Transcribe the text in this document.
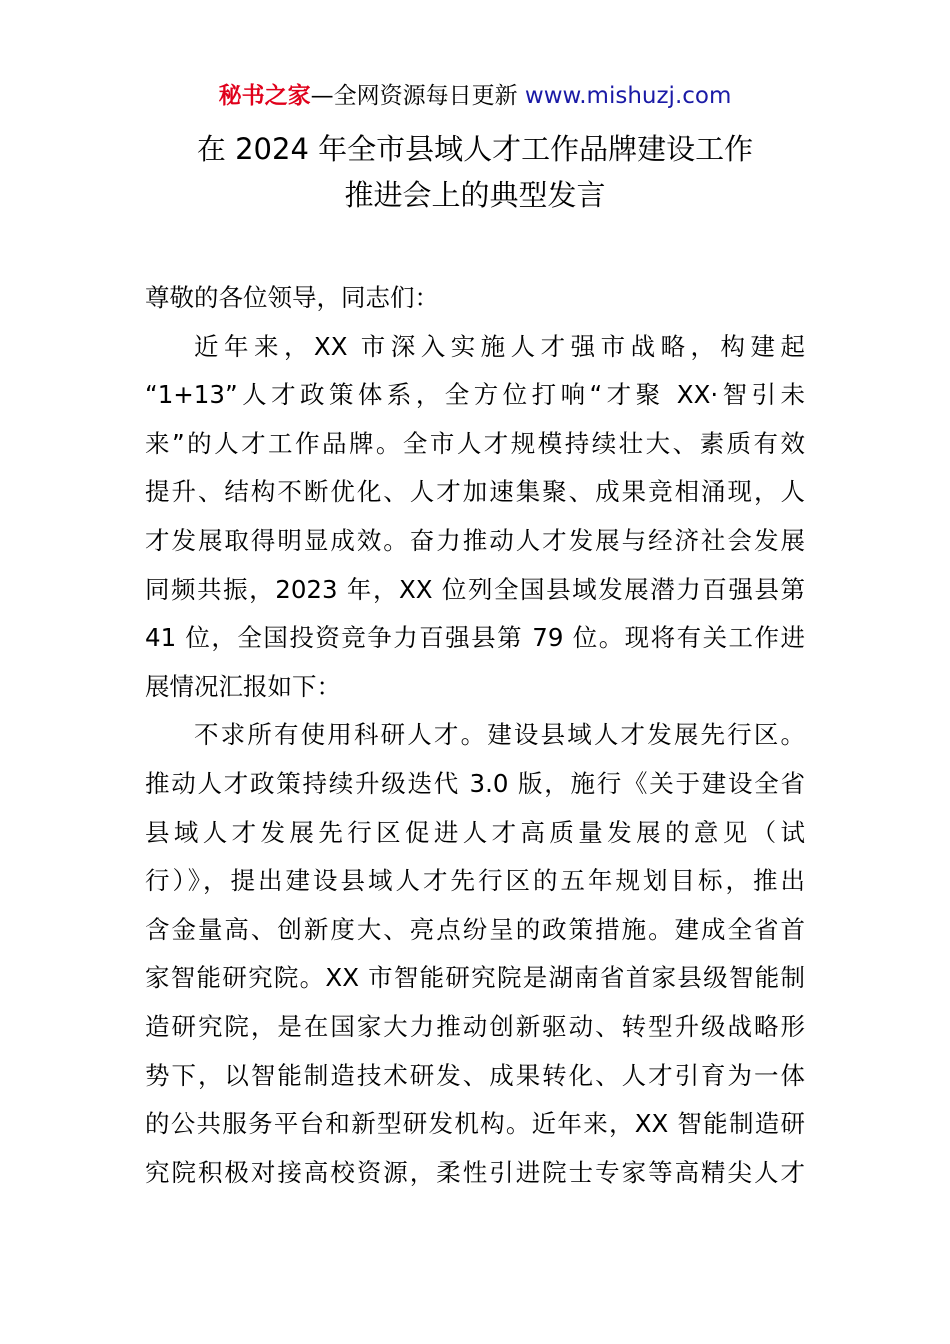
秘书之家—全网资源每日更新 www.mishuzj.com
在 2024 年全市县域人才工作品牌建设工作
推进会上的典型发言
尊敬的各位领导，同志们：
近年来，XX 市深入实施人才强市战略，构建起
“1+13”人才政策体系，全方位打响“才聚 XX·智引未
来”的人才工作品牌。全市人才规模持续壮大、素质有效
提升、结构不断优化、人才加速集聚、成果竞相涌现，人
才发展取得明显成效。奋力推动人才发展与经济社会发展
同频共振，2023 年，XX 位列全国县域发展潜力百强县第
41 位，全国投资竞争力百强县第 79 位。现将有关工作进
展情况汇报如下：
不求所有使用科研人才。建设县域人才发展先行区。
推动人才政策持续升级迭代 3.0 版，施行《关于建设全省
县域人才发展先行区促进人才高质量发展的意见（试
行）》，提出建设县域人才先行区的五年规划目标，推出
含金量高、创新度大、亮点纷呈的政策措施。建成全省首
家智能研究院。XX 市智能研究院是湖南省首家县级智能制
造研究院，是在国家大力推动创新驱动、转型升级战略形
势下，以智能制造技术研发、成果转化、人才引育为一体
的公共服务平台和新型研发机构。近年来，XX 智能制造研
究院积极对接高校资源，柔性引进院士专家等高精尖人才
